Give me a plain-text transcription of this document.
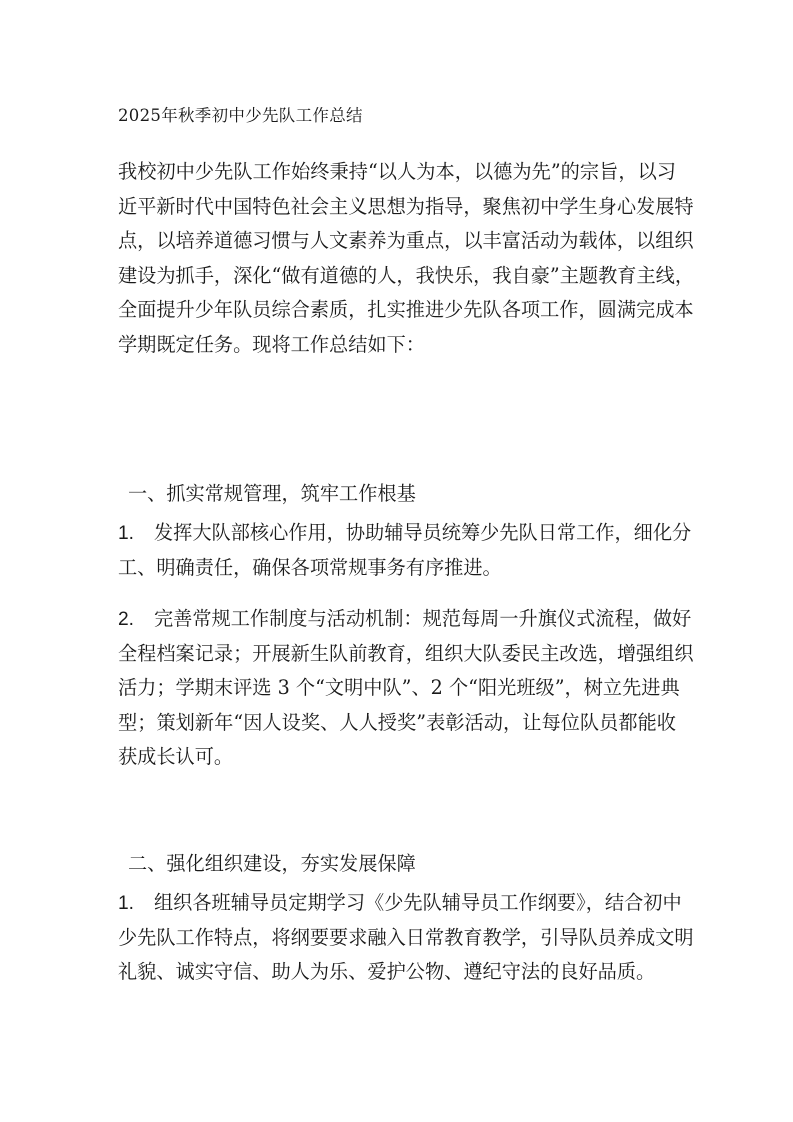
2025年秋季初中少先队工作总结

我校初中少先队工作始终秉持“以人为本，以德为先”的宗旨，以习
近平新时代中国特色社会主义思想为指导，聚焦初中学生身心发展特
点，以培养道德习惯与人文素养为重点，以丰富活动为载体，以组织
建设为抓手，深化“做有道德的人，我快乐，我自豪”主题教育主线，
全面提升少年队员综合素质，扎实推进少先队各项工作，圆满完成本
学期既定任务。现将工作总结如下：

一、抓实常规管理，筑牢工作根基

1. 发挥大队部核心作用，协助辅导员统筹少先队日常工作，细化分
工、明确责任，确保各项常规事务有序推进。

2. 完善常规工作制度与活动机制：规范每周一升旗仪式流程，做好
全程档案记录；开展新生队前教育，组织大队委民主改选，增强组织
活力；学期末评选 3 个“文明中队”、2 个“阳光班级”，树立先进典
型；策划新年“因人设奖、人人授奖”表彰活动，让每位队员都能收
获成长认可。

二、强化组织建设，夯实发展保障

1. 组织各班辅导员定期学习《少先队辅导员工作纲要》，结合初中
少先队工作特点，将纲要要求融入日常教育教学，引导队员养成文明
礼貌、诚实守信、助人为乐、爱护公物、遵纪守法的良好品质。
